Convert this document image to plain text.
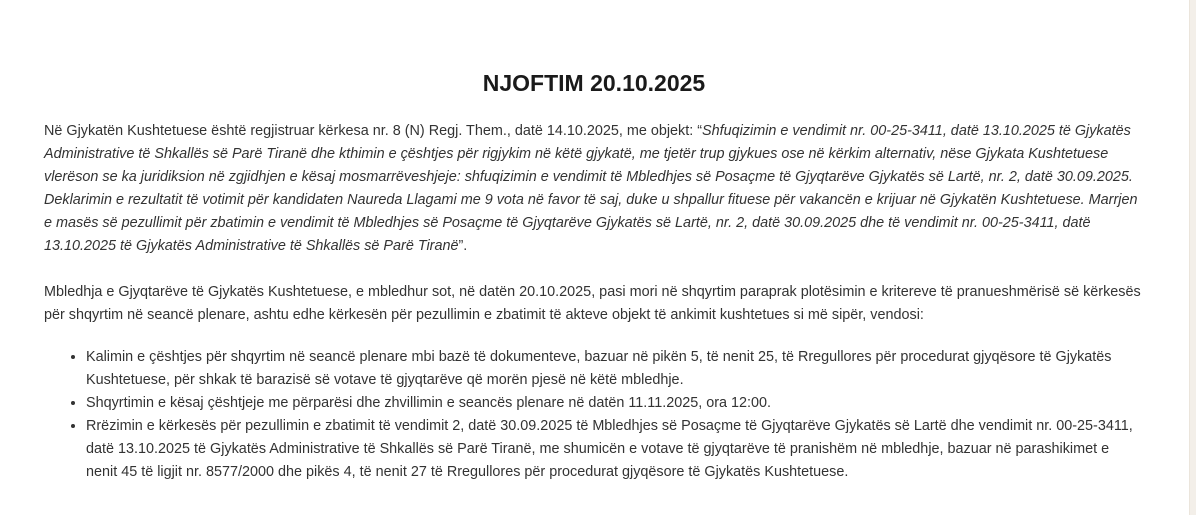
NJOFTIM 20.10.2025

Në Gjykatën Kushtetuese është regjistruar kërkesa nr. 8 (N) Regj. Them., datë 14.10.2025, me objekt: “Shfuqizimin e vendimit nr. 00-25-3411, datë 13.10.2025 të Gjykatës Administrative të Shkallës së Parë Tiranë dhe kthimin e çështjes për rigjykim në këtë gjykatë, me tjetër trup gjykues ose në kërkim alternativ, nëse Gjykata Kushtetuese vlerëson se ka juridiksion në zgjidhjen e kësaj mosmarrëveshjeje: shfuqizimin e vendimit të Mbledhjes së Posaçme të Gjyqtarëve Gjykatës së Lartë, nr. 2, datë 30.09.2025. Deklarimin e rezultatit të votimit për kandidaten Naureda Llagami me 9 vota në favor të saj, duke u shpallur fituese për vakancën e krijuar në Gjykatën Kushtetuese. Marrjen e masës së pezullimit për zbatimin e vendimit të Mbledhjes së Posaçme të Gjyqtarëve Gjykatës së Lartë, nr. 2, datë 30.09.2025 dhe të vendimit nr. 00-25-3411, datë 13.10.2025 të Gjykatës Administrative të Shkallës së Parë Tiranë”.

Mbledhja e Gjyqtarëve të Gjykatës Kushtetuese, e mbledhur sot, në datën 20.10.2025, pasi mori në shqyrtim paraprak plotësimin e kritereve të pranueshmërisë së kërkesës për shqyrtim në seancë plenare, ashtu edhe kërkesën për pezullimin e zbatimit të akteve objekt të ankimit kushtetues si më sipër, vendosi:

• Kalimin e çështjes për shqyrtim në seancë plenare mbi bazë të dokumenteve, bazuar në pikën 5, të nenit 25, të Rregullores për procedurat gjyqësore të Gjykatës Kushtetuese, për shkak të barazisë së votave të gjyqtarëve që morën pjesë në këtë mbledhje.
• Shqyrtimin e kësaj çështjeje me përparësi dhe zhvillimin e seancës plenare në datën 11.11.2025, ora 12:00.
• Rrëzimin e kërkesës për pezullimin e zbatimit të vendimit 2, datë 30.09.2025 të Mbledhjes së Posaçme të Gjyqtarëve Gjykatës së Lartë dhe vendimit nr. 00-25-3411, datë 13.10.2025 të Gjykatës Administrative të Shkallës së Parë Tiranë, me shumicën e votave të gjyqtarëve të pranishëm në mbledhje, bazuar në parashikimet e nenit 45 të ligjit nr. 8577/2000 dhe pikës 4, të nenit 27 të Rregullores për procedurat gjyqësore të Gjykatës Kushtetuese.
